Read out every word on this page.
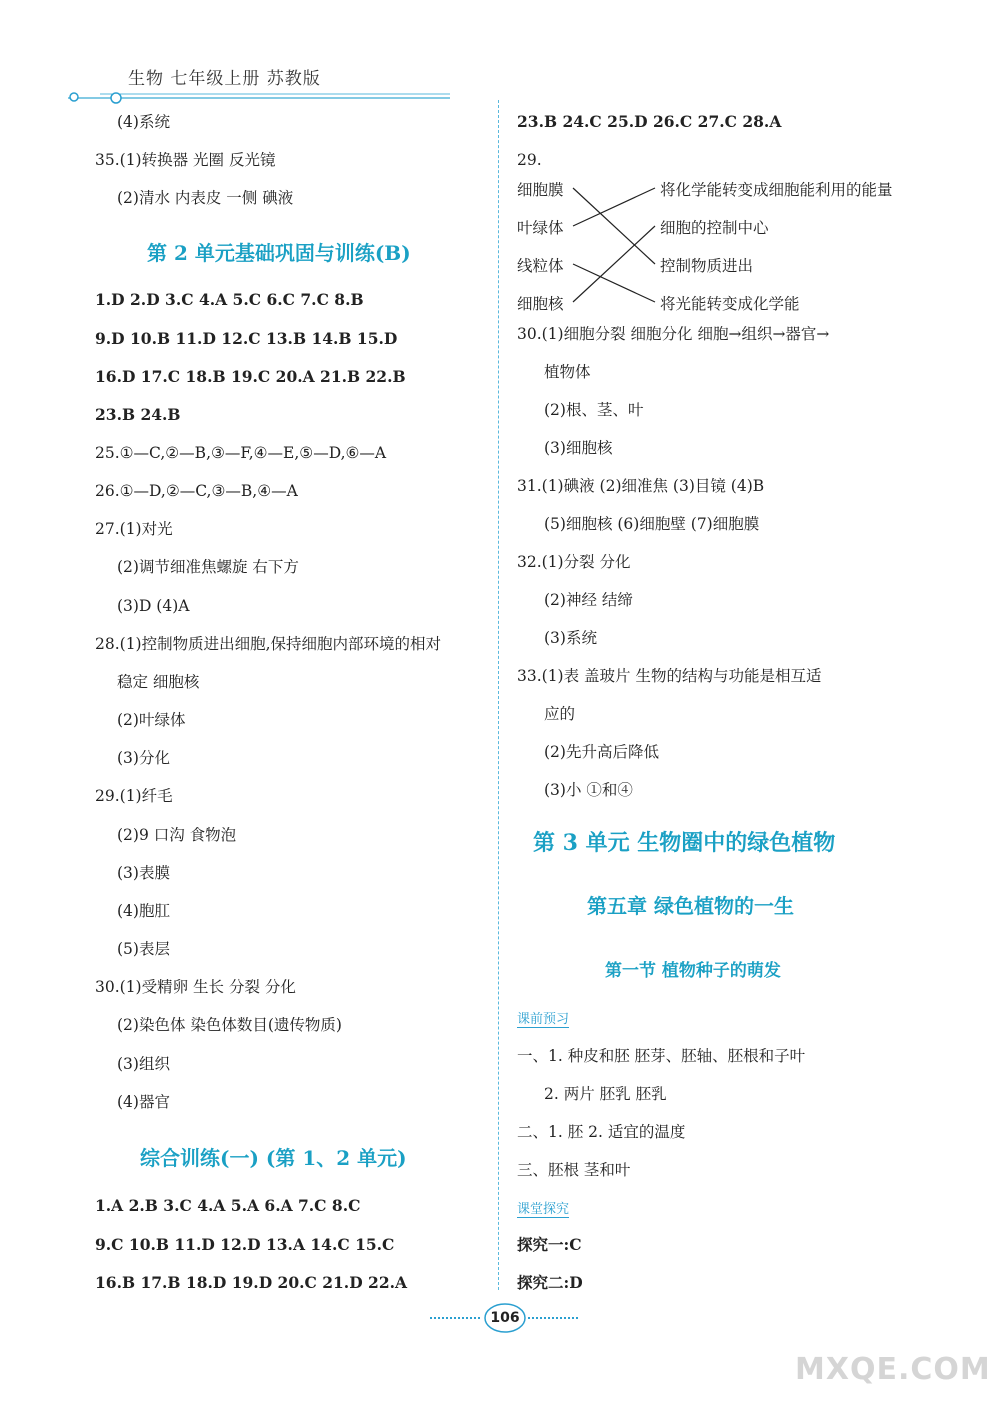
生物 七年级上册 苏教版
(4)系统
35.(1)转换器 光圈 反光镜
(2)清水 内表皮 一侧 碘液
1.D 2.D 3.C 4.A 5.C 6.C 7.C 8.B
9.D 10.B 11.D 12.C 13.B 14.B 15.D
16.D 17.C 18.B 19.C 20.A 21.B 22.B
23.B 24.B
25.①—C,②—B,③—F,④—E,⑤—D,⑥—A
26.①—D,②—C,③—B,④—A
27.(1)对光
(2)调节细准焦螺旋 右下方
(3)D (4)A
28.(1)控制物质进出细胞,保持细胞内部环境的相对
稳定 细胞核
(2)叶绿体
(3)分化
29.(1)纤毛
(2)9 口沟 食物泡
(3)表膜
(4)胞肛
(5)表层
30.(1)受精卵 生长 分裂 分化
(2)染色体 染色体数目(遗传物质)
(3)组织
(4)器官
1.A 2.B 3.C 4.A 5.A 6.A 7.C 8.C
9.C 10.B 11.D 12.D 13.A 14.C 15.C
16.B 17.B 18.D 19.D 20.C 21.D 22.A
第 2 单元基础巩固与训练(B)
综合训练(一) (第 1、2 单元)
23.B 24.C 25.D 26.C 27.C 28.A
29.
30.(1)细胞分裂 细胞分化 细胞→组织→器官→
植物体
(2)根、茎、叶
(3)细胞核
31.(1)碘液 (2)细准焦 (3)目镜 (4)B
(5)细胞核 (6)细胞壁 (7)细胞膜
32.(1)分裂 分化
(2)神经 结缔
(3)系统
33.(1)表 盖玻片 生物的结构与功能是相互适
应的
(2)先升高后降低
(3)小 ①和④
一、1. 种皮和胚 胚芽、胚轴、胚根和子叶
2. 两片 胚乳 胚乳
二、1. 胚 2. 适宜的温度
三、胚根 茎和叶
探究一:C
探究二:D
第 3 单元 生物圈中的绿色植物
第五章 绿色植物的一生
第一节 植物种子的萌发
课前预习
课堂探究
细胞膜
叶绿体
线粒体
细胞核
将化学能转变成细胞能利用的能量
细胞的控制中心
控制物质进出
将光能转变成化学能
106
MXQE.COM
